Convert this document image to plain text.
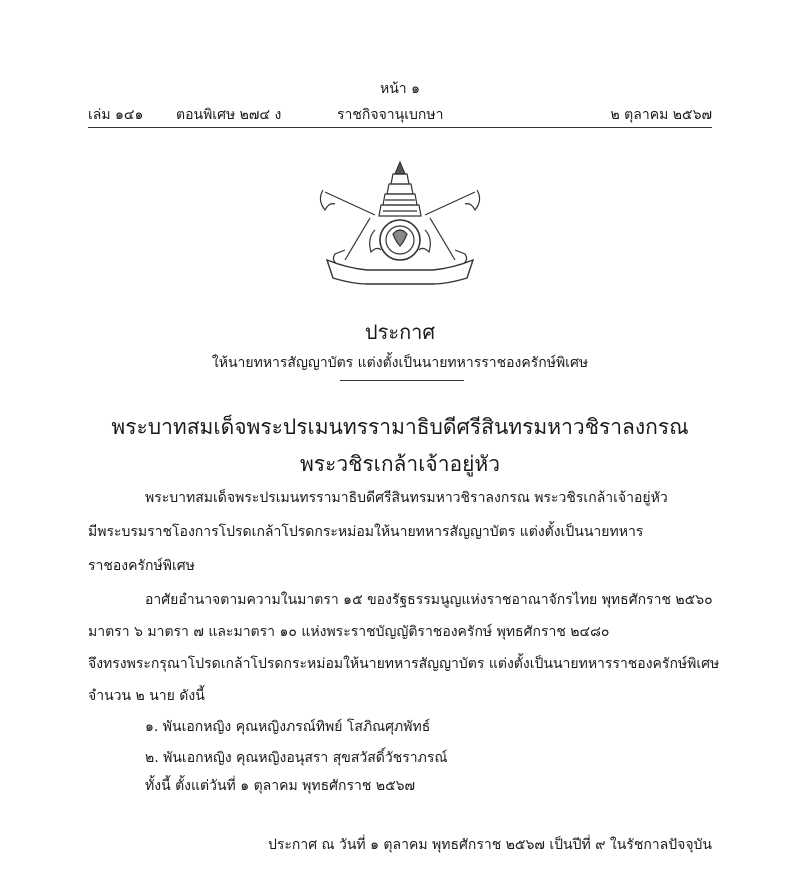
หน้า ๑
เล่ม ๑๔๑ ตอนพิเศษ ๒๗๔ ง	ราชกิจจานุเบกษา	๒ ตุลาคม ๒๕๖๗
ประกาศ
ให้นายทหารสัญญาบัตร แต่งตั้งเป็นนายทหารราชองครักษ์พิเศษ
พระบาทสมเด็จพระปรเมนทรรามาธิบดีศรีสินทรมหาวชิราลงกรณ
พระวชิรเกล้าเจ้าอยู่หัว
พระบาทสมเด็จพระปรเมนทรรามาธิบดีศรีสินทรมหาวชิราลงกรณ พระวชิรเกล้าเจ้าอยู่หัว
มีพระบรมราชโองการโปรดเกล้าโปรดกระหม่อมให้นายทหารสัญญาบัตร แต่งตั้งเป็นนายทหาร
ราชองครักษ์พิเศษ
อาศัยอำนาจตามความในมาตรา ๑๕ ของรัฐธรรมนูญแห่งราชอาณาจักรไทย พุทธศักราช ๒๕๖๐
มาตรา ๖ มาตรา ๗ และมาตรา ๑๐ แห่งพระราชบัญญัติราชองครักษ์ พุทธศักราช ๒๔๘๐
จึงทรงพระกรุณาโปรดเกล้าโปรดกระหม่อมให้นายทหารสัญญาบัตร แต่งตั้งเป็นนายทหารราชองครักษ์พิเศษ
จำนวน ๒ นาย ดังนี้
๑. พันเอกหญิง คุณหญิงภรณ์ทิพย์ โสภิณศุภพัทธ์
๒. พันเอกหญิง คุณหญิงอนุสรา สุขสวัสดิ์วัชราภรณ์
ทั้งนี้ ตั้งแต่วันที่ ๑ ตุลาคม พุทธศักราช ๒๕๖๗
ประกาศ ณ วันที่ ๑ ตุลาคม พุทธศักราช ๒๕๖๗ เป็นปีที่ ๙ ในรัชกาลปัจจุบัน
